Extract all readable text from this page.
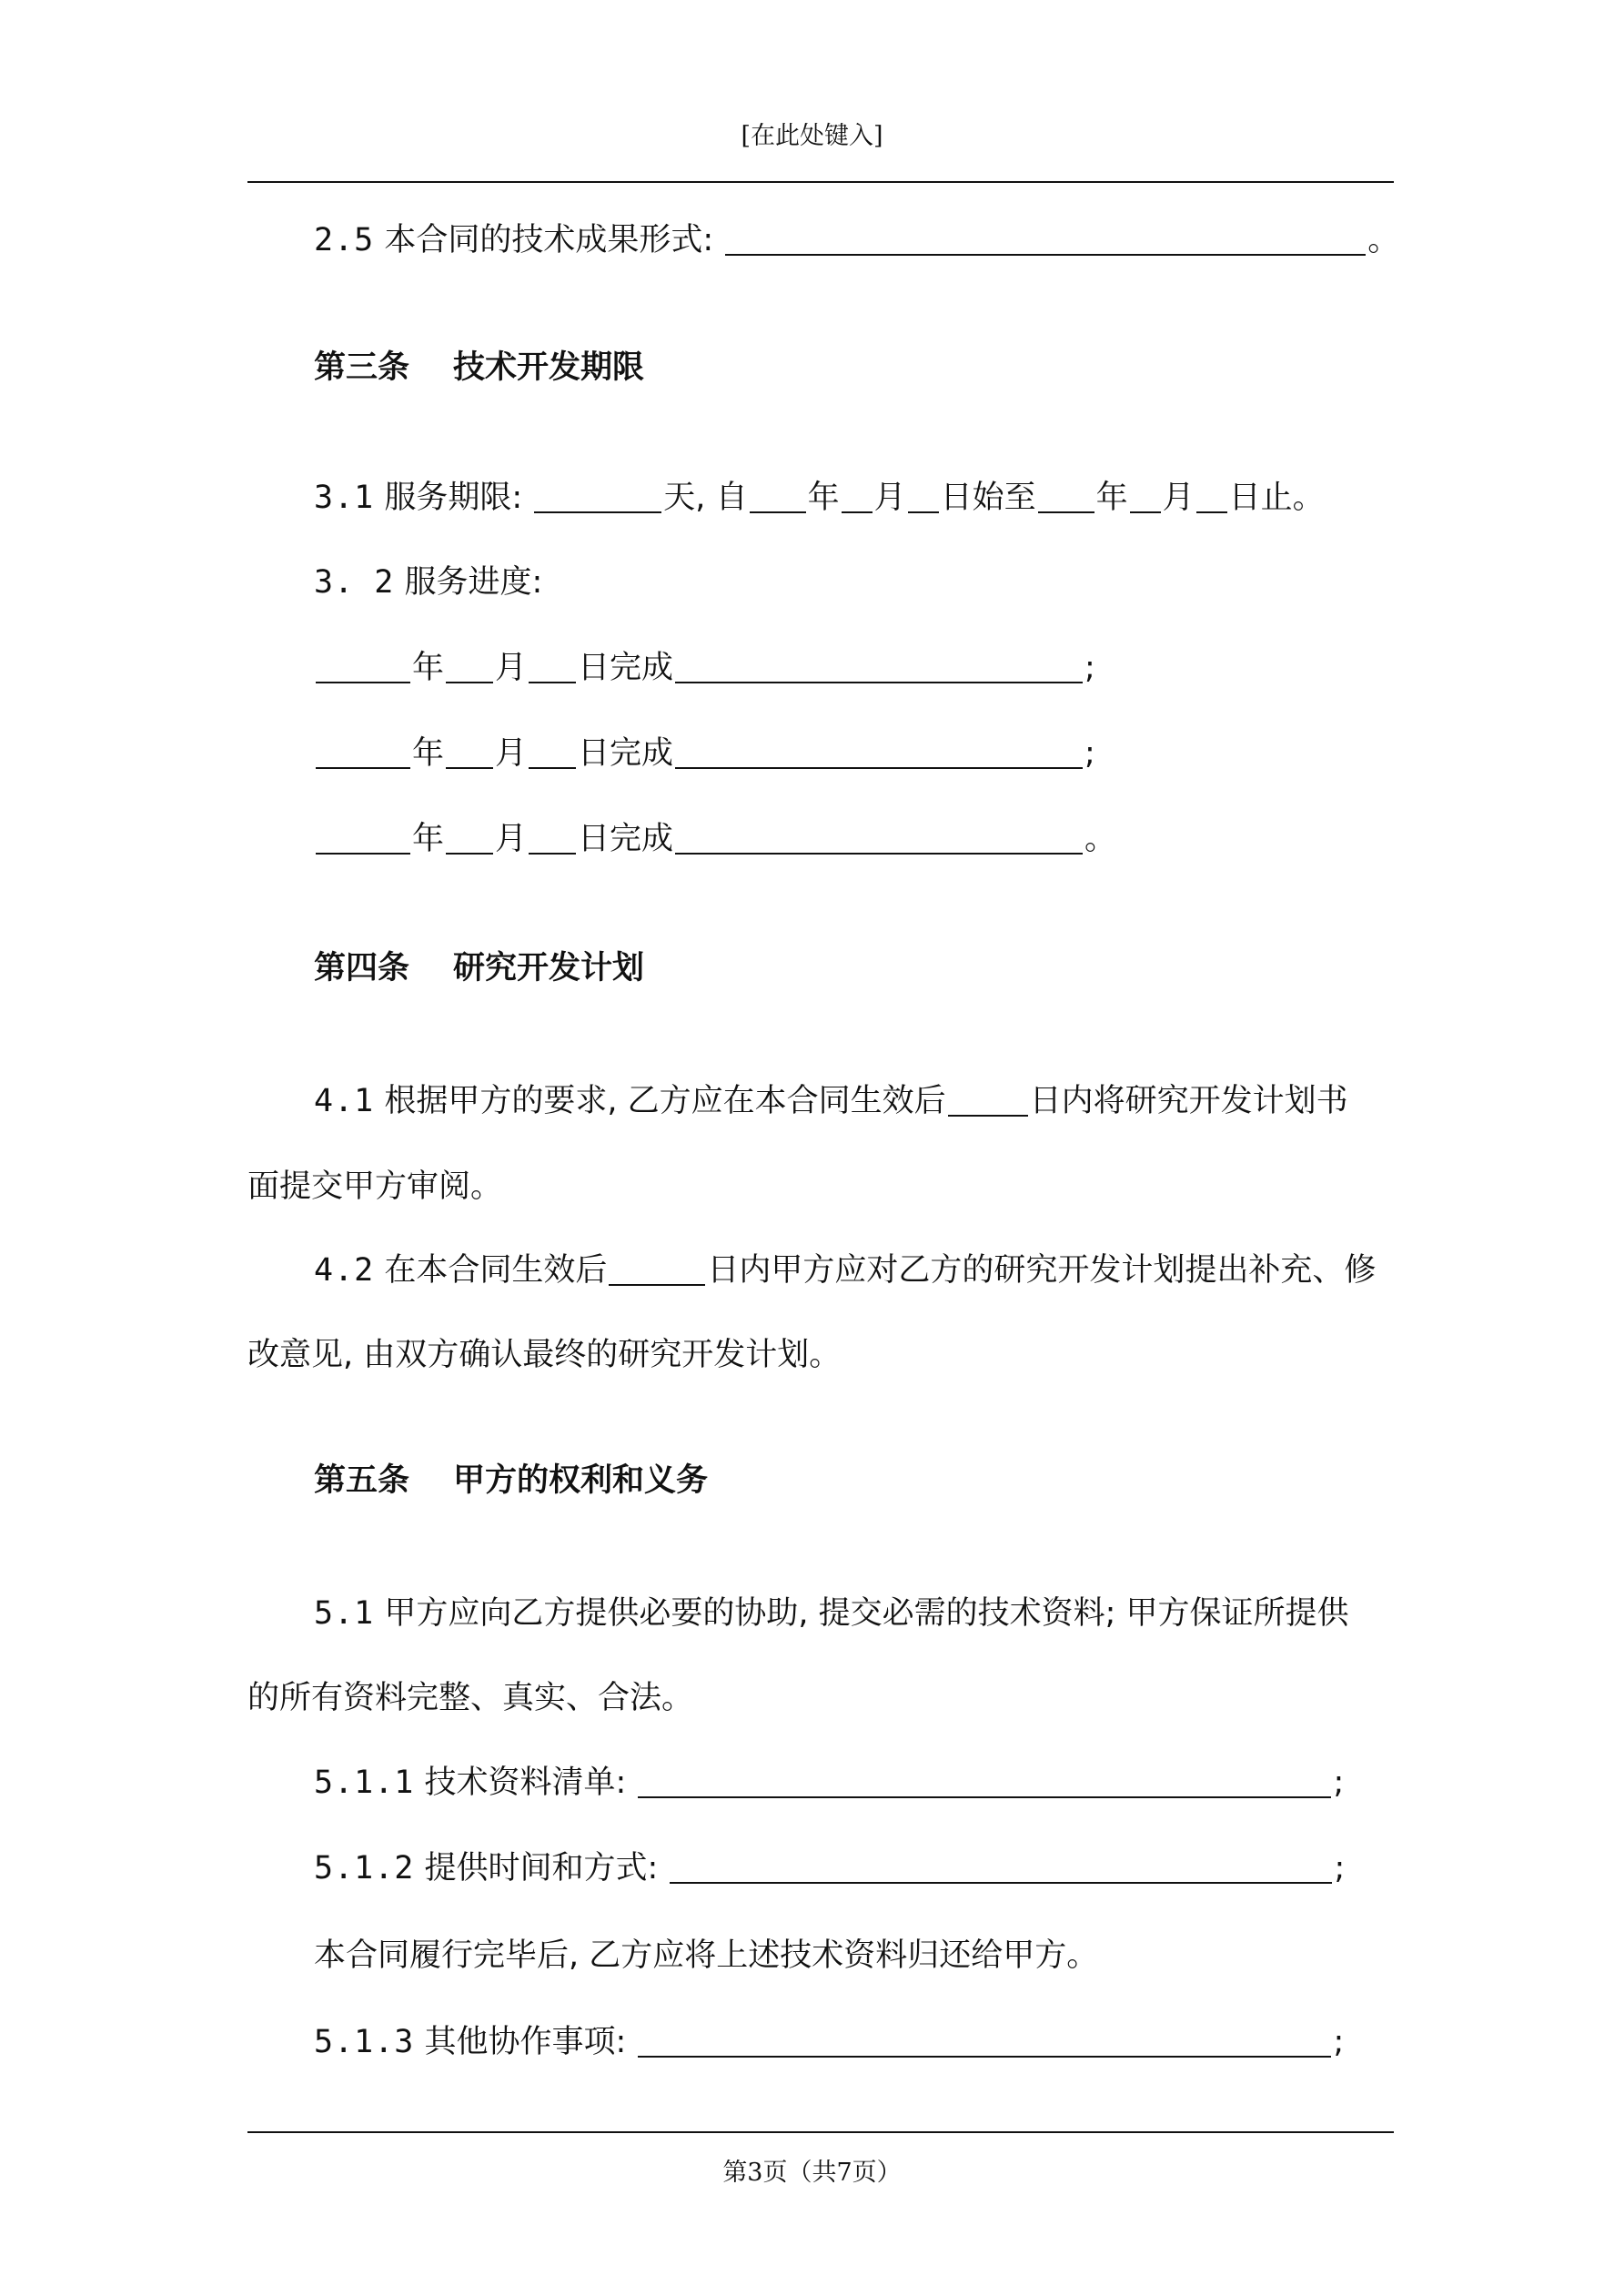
[在此处键入]
2.5 本合同的技术成果形式:	。
第三条 技术开发期限
3.1 服务期限:	天, 自 年 月 日始至 年 月 日止。
3. 2 服务进度:
年 月 日完成	;
年 月 日完成	;
年 月 日完成	。
第四条 研究开发计划
4.1 根据甲方的要求, 乙方应在本合同生效后	日内将研究开发计划书
面提交甲方审阅。
4.2 在本合同生效后	日内甲方应对乙方的研究开发计划提出补充、修
改意见, 由双方确认最终的研究开发计划。
第五条 甲方的权利和义务
5.1 甲方应向乙方提供必要的协助, 提交必需的技术资料; 甲方保证所提供
的所有资料完整、真实、合法。
5.1.1 技术资料清单:	;
5.1.2 提供时间和方式:	;
本合同履行完毕后, 乙方应将上述技术资料归还给甲方。
5.1.3 其他协作事项:	;
第3页（共7页）
